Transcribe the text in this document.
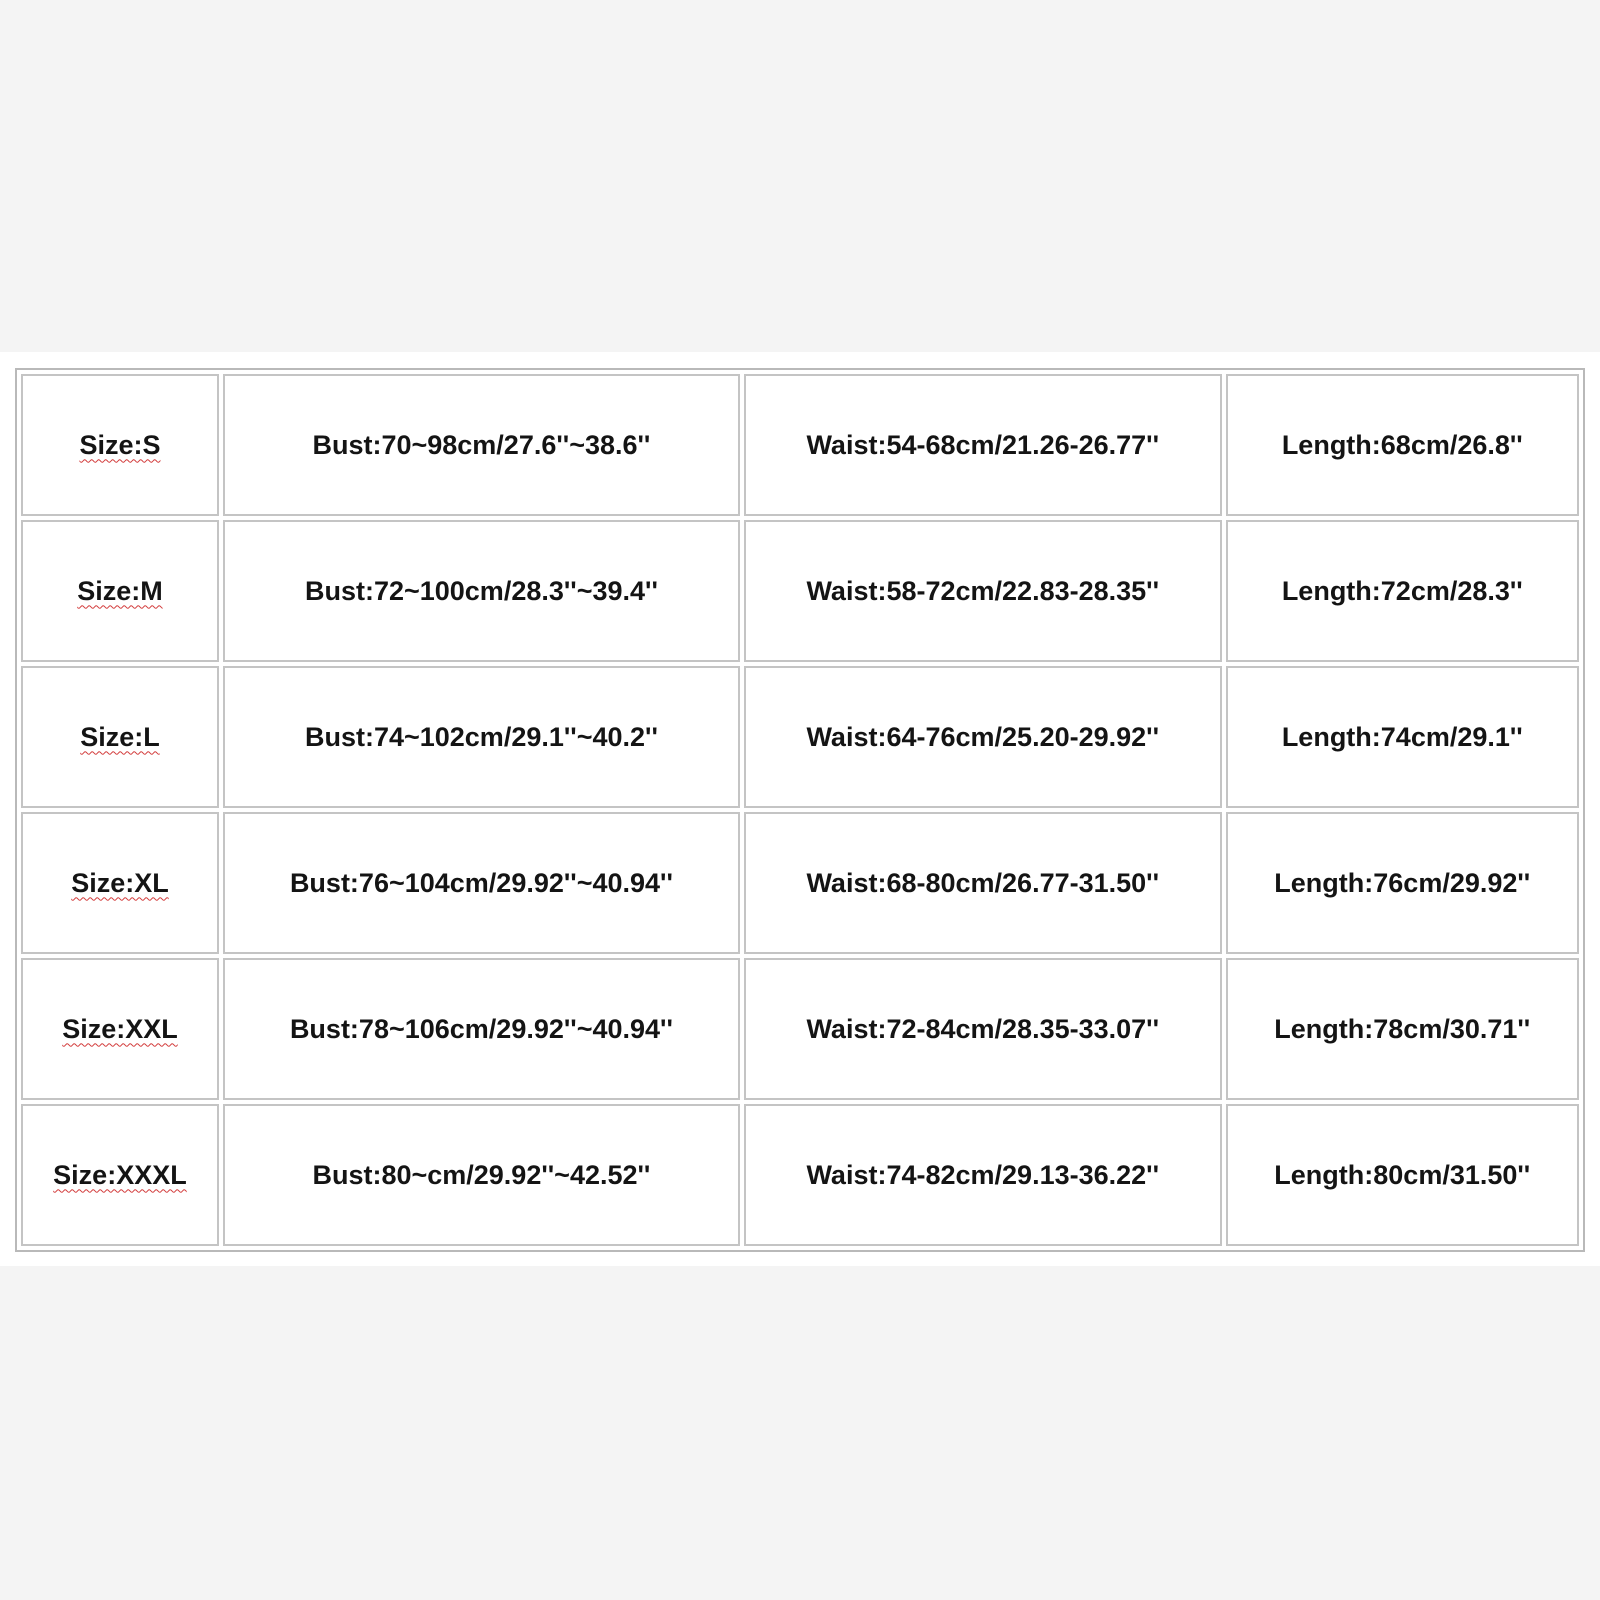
Size:S	Bust:70~98cm/27.6''~38.6''	Waist:54-68cm/21.26-26.77''	Length:68cm/26.8''
Size:M	Bust:72~100cm/28.3''~39.4''	Waist:58-72cm/22.83-28.35''	Length:72cm/28.3''
Size:L	Bust:74~102cm/29.1''~40.2''	Waist:64-76cm/25.20-29.92''	Length:74cm/29.1''
Size:XL	Bust:76~104cm/29.92''~40.94''	Waist:68-80cm/26.77-31.50''	Length:76cm/29.92''
Size:XXL	Bust:78~106cm/29.92''~40.94''	Waist:72-84cm/28.35-33.07''	Length:78cm/30.71''
Size:XXXL	Bust:80~cm/29.92''~42.52''	Waist:74-82cm/29.13-36.22''	Length:80cm/31.50''
